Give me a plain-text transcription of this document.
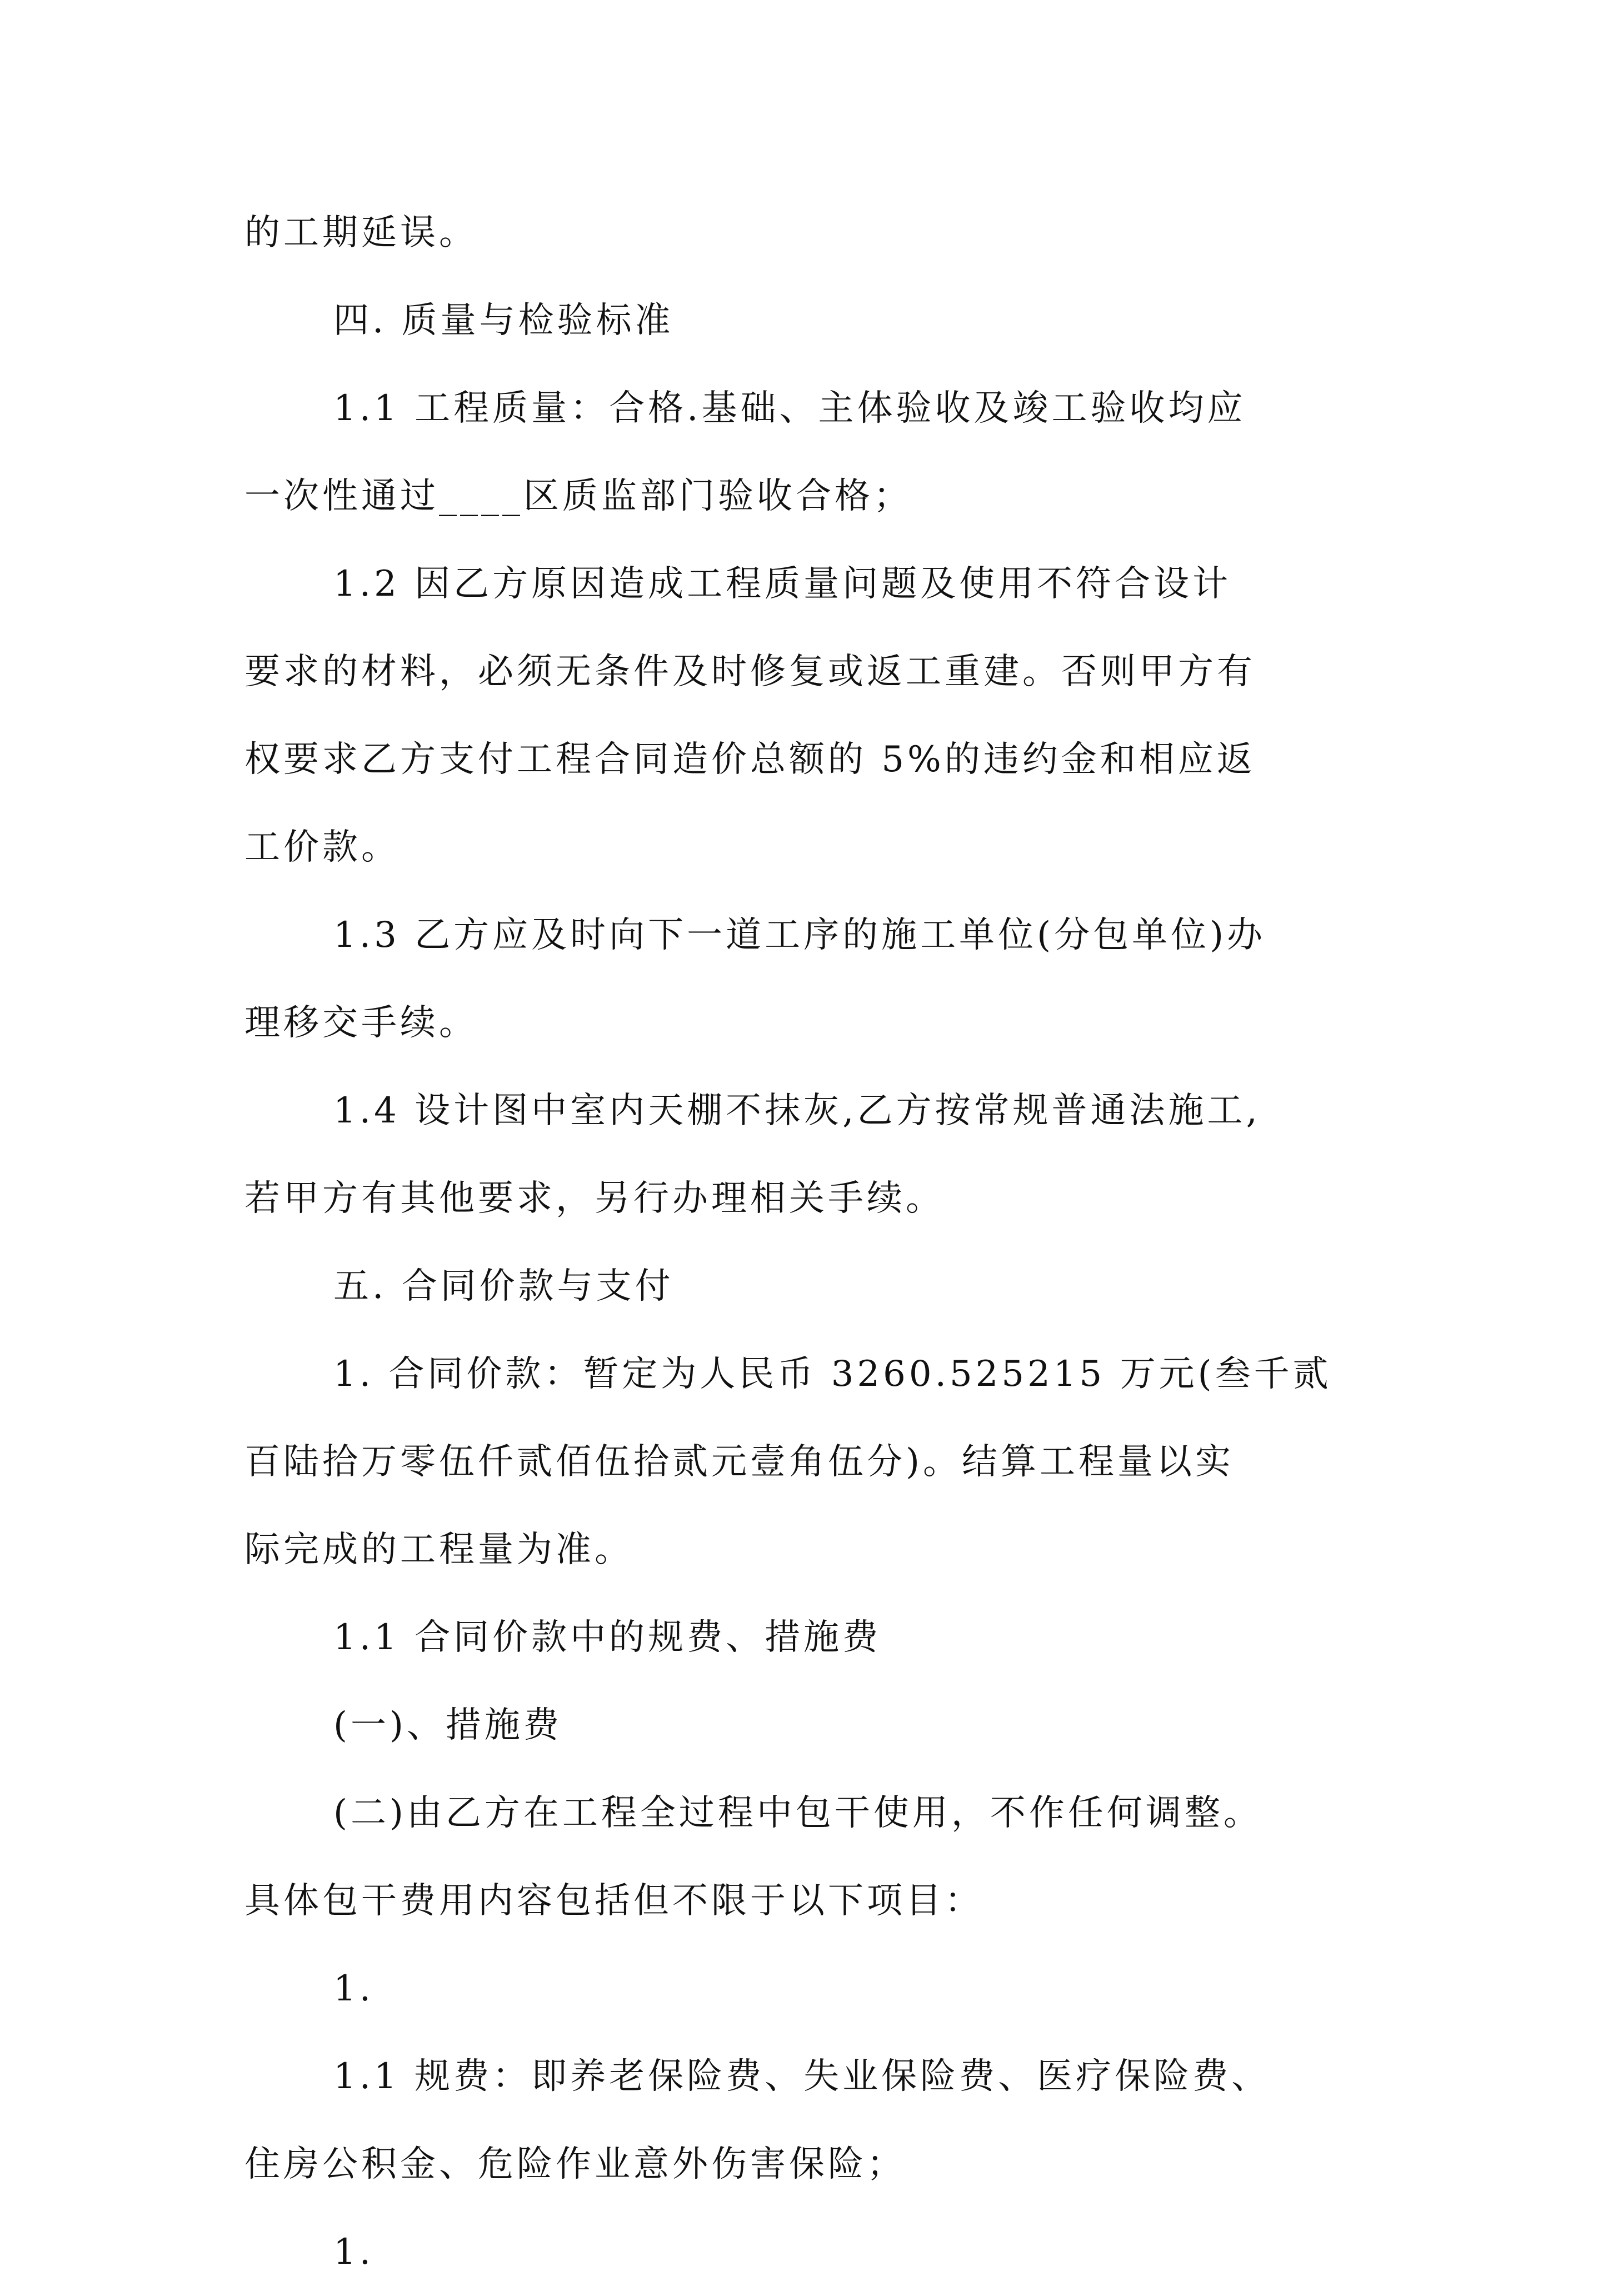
的工期延误。
四. 质量与检验标准
1.1 工程质量：合格.基础、主体验收及竣工验收均应
一次性通过____区质监部门验收合格；
1.2 因乙方原因造成工程质量问题及使用不符合设计
要求的材料，必须无条件及时修复或返工重建。否则甲方有
权要求乙方支付工程合同造价总额的 5%的违约金和相应返
工价款。
1.3 乙方应及时向下一道工序的施工单位(分包单位)办
理移交手续。
1.4 设计图中室内天棚不抹灰,乙方按常规普通法施工,
若甲方有其他要求，另行办理相关手续。
五. 合同价款与支付
1. 合同价款：暂定为人民币 3260.525215 万元(叁千贰
百陆拾万零伍仟贰佰伍拾贰元壹角伍分)。结算工程量以实
际完成的工程量为准。
1.1 合同价款中的规费、措施费
(一)、措施费
(二)由乙方在工程全过程中包干使用，不作任何调整。
具体包干费用内容包括但不限于以下项目：
1.
1.1 规费：即养老保险费、失业保险费、医疗保险费、
住房公积金、危险作业意外伤害保险；
1.
